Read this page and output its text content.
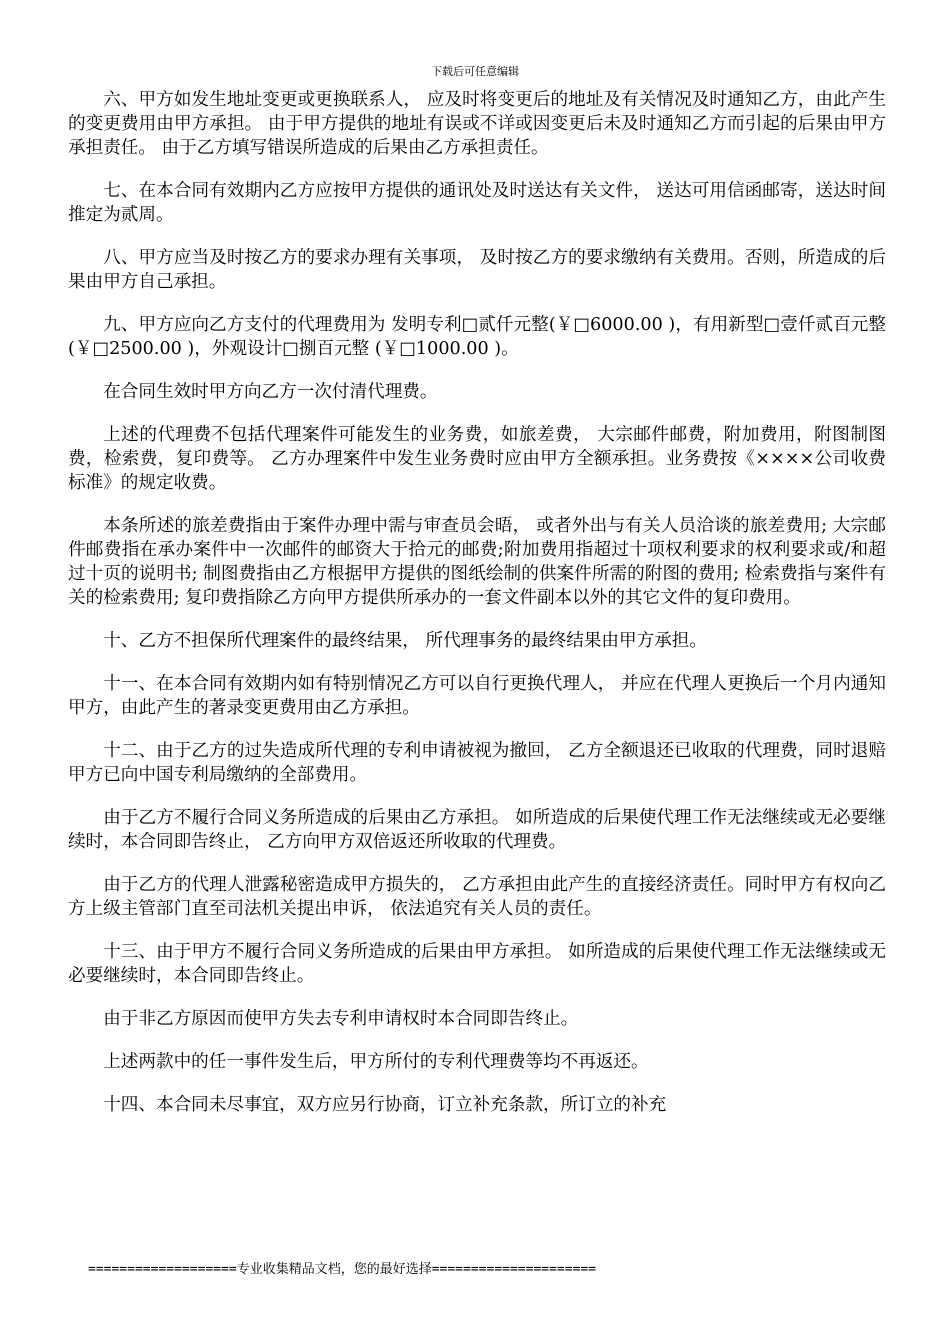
下载后可任意编辑

六、甲方如发生地址变更或更换联系人， 应及时将变更后的地址及有关情况及时通知乙方，由此产生的变更费用由甲方承担。 由于甲方提供的地址有误或不详或因变更后未及时通知乙方而引起的后果由甲方承担责任。 由于乙方填写错误所造成的后果由乙方承担责任。

七、在本合同有效期内乙方应按甲方提供的通讯处及时送达有关文件， 送达可用信函邮寄，送达时间推定为贰周。

八、甲方应当及时按乙方的要求办理有关事项， 及时按乙方的要求缴纳有关费用。否则，所造成的后果由甲方自己承担。

九、甲方应向乙方支付的代理费用为 发明专利□贰仟元整(￥□6000.00 )，有用新型□壹仟贰百元整 (￥□2500.00 )，外观设计□捌百元整 (￥□1000.00 )。

在合同生效时甲方向乙方一次付清代理费。

上述的代理费不包括代理案件可能发生的业务费，如旅差费， 大宗邮件邮费，附加费用，附图制图费，检索费，复印费等。 乙方办理案件中发生业务费时应由甲方全额承担。业务费按《××××公司收费标准》的规定收费。

本条所述的旅差费指由于案件办理中需与审查员会晤， 或者外出与有关人员洽谈的旅差费用; 大宗邮件邮费指在承办案件中一次邮件的邮资大于拾元的邮费;附加费用指超过十项权利要求的权利要求或/和超过十页的说明书; 制图费指由乙方根据甲方提供的图纸绘制的供案件所需的附图的费用; 检索费指与案件有关的检索费用; 复印费指除乙方向甲方提供所承办的一套文件副本以外的其它文件的复印费用。

十、乙方不担保所代理案件的最终结果， 所代理事务的最终结果由甲方承担。

十一、在本合同有效期内如有特别情况乙方可以自行更换代理人， 并应在代理人更换后一个月内通知甲方，由此产生的著录变更费用由乙方承担。

十二、由于乙方的过失造成所代理的专利申请被视为撤回， 乙方全额退还已收取的代理费，同时退赔甲方已向中国专利局缴纳的全部费用。

由于乙方不履行合同义务所造成的后果由乙方承担。 如所造成的后果使代理工作无法继续或无必要继续时，本合同即告终止， 乙方向甲方双倍返还所收取的代理费。

由于乙方的代理人泄露秘密造成甲方损失的， 乙方承担由此产生的直接经济责任。同时甲方有权向乙方上级主管部门直至司法机关提出申诉， 依法追究有关人员的责任。

十三、由于甲方不履行合同义务所造成的后果由甲方承担。 如所造成的后果使代理工作无法继续或无必要继续时，本合同即告终止。

由于非乙方原因而使甲方失去专利申请权时本合同即告终止。

上述两款中的任一事件发生后，甲方所付的专利代理费等均不再返还。

十四、本合同未尽事宜，双方应另行协商，订立补充条款，所订立的补充

===================专业收集精品文档，您的最好选择=====================
